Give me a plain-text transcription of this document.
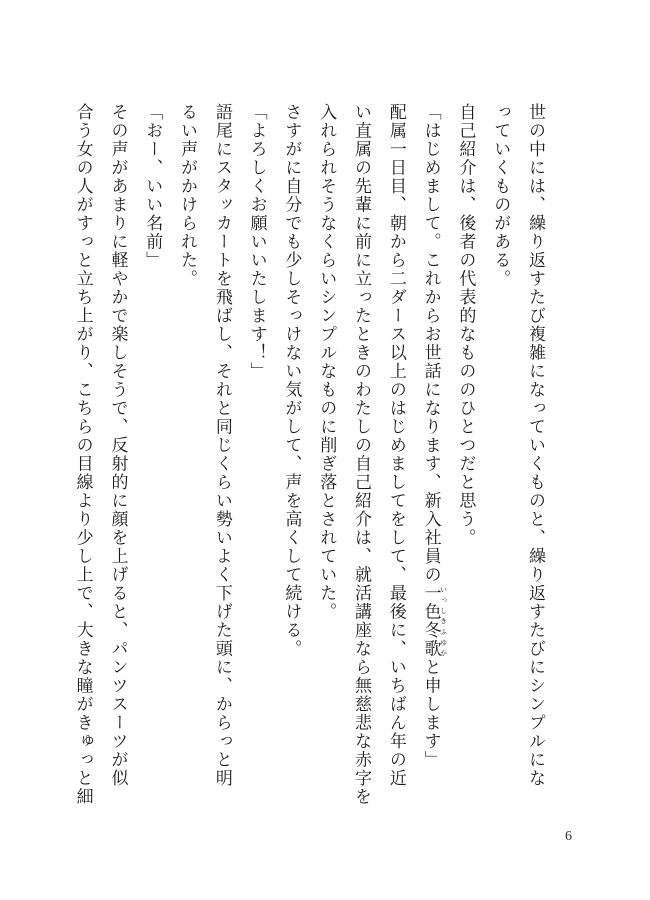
世の中には、繰り返すたび複雑になっていくものと、繰り返すたびにシンプルにな

っていくものがある。

自己紹介は、後者の代表的なもののひとつだと思う。

「はじめまして。これからお世話になります、新入社員の一色冬歌 いっしきふゆかと申します」

配属一日目、朝から二ダース以上のはじめましてをして、最後に、いちばん年の近

い直属の先輩に前に立ったときのわたしの自己紹介は、就活講座なら無慈悲な赤字を

入れられそうなくらいシンプルなものに削ぎ落とされていた。

さすがに自分でも少しそっけない気がして、声を高くして続ける。

「よろしくお願いいたします！」

語尾にスタッカートを飛ばし、それと同じくらい勢いよく下げた頭に、からっと明

るい声がかけられた。

「おー、いい名前」

その声があまりに軽やかで楽しそうで、反射的に顔を上げると、パンツスーツが似

合う女の人がすっと立ち上がり、こちらの目線より少し上で、大きな瞳がきゅっと細

6
